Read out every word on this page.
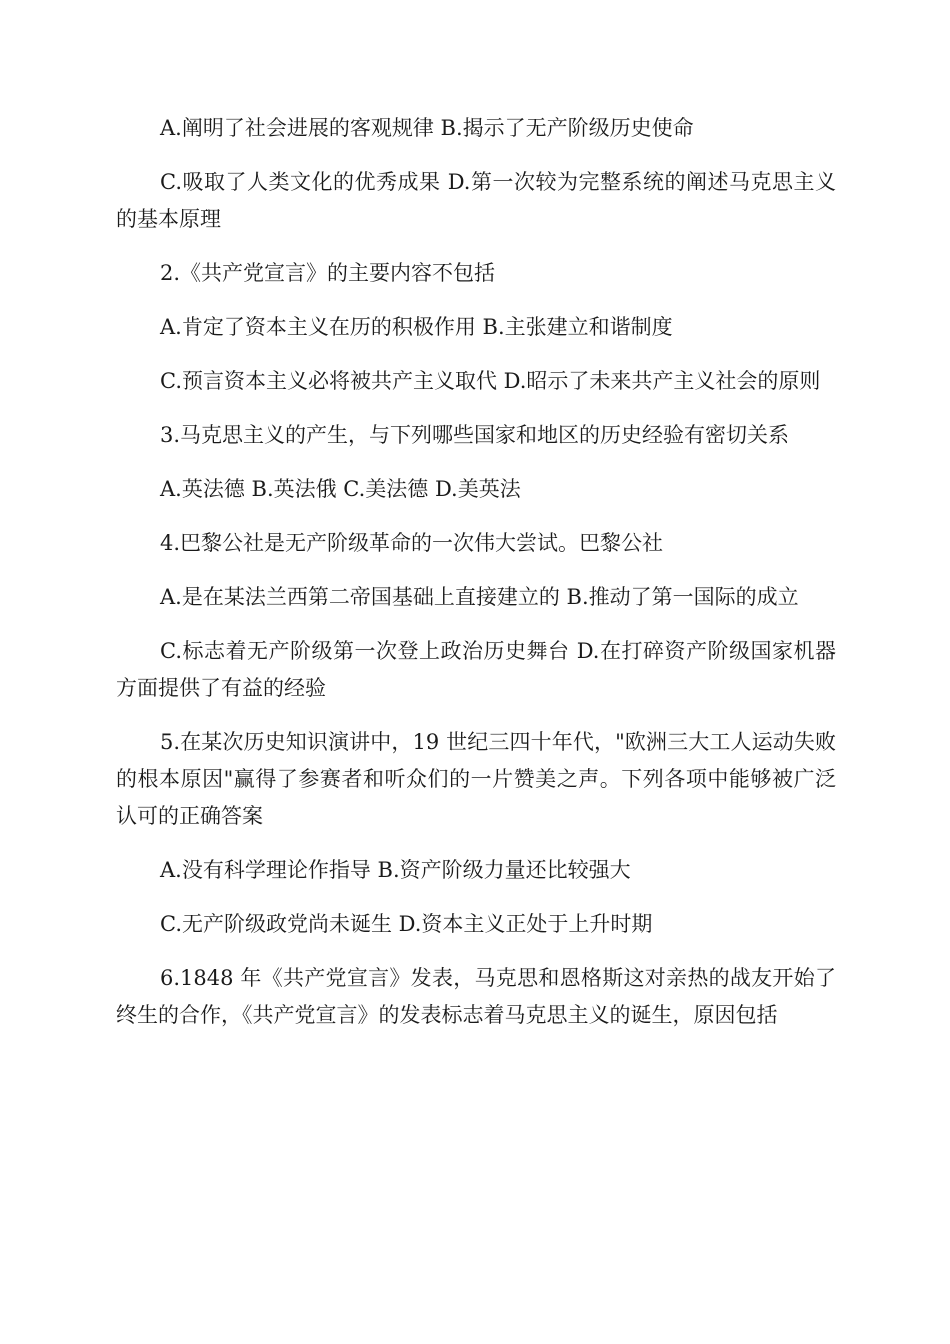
A.阐明了社会进展的客观规律 B.揭示了无产阶级历史使命

C.吸取了人类文化的优秀成果 D.第一次较为完整系统的阐述马克思主义的基本原理

2.《共产党宣言》的主要内容不包括

A.肯定了资本主义在历的积极作用 B.主张建立和谐制度

C.预言资本主义必将被共产主义取代 D.昭示了未来共产主义社会的原则

3.马克思主义的产生，与下列哪些国家和地区的历史经验有密切关系

A.英法德 B.英法俄 C.美法德 D.美英法

4.巴黎公社是无产阶级革命的一次伟大尝试。巴黎公社

A.是在某法兰西第二帝国基础上直接建立的 B.推动了第一国际的成立

C.标志着无产阶级第一次登上政治历史舞台 D.在打碎资产阶级国家机器方面提供了有益的经验

5.在某次历史知识演讲中，19 世纪三四十年代，"欧洲三大工人运动失败的根本原因"赢得了参赛者和听众们的一片赞美之声。下列各项中能够被广泛认可的正确答案

A.没有科学理论作指导 B.资产阶级力量还比较强大

C.无产阶级政党尚未诞生 D.资本主义正处于上升时期

6.1848 年《共产党宣言》发表，马克思和恩格斯这对亲热的战友开始了终生的合作，《共产党宣言》的发表标志着马克思主义的诞生，原因包括
